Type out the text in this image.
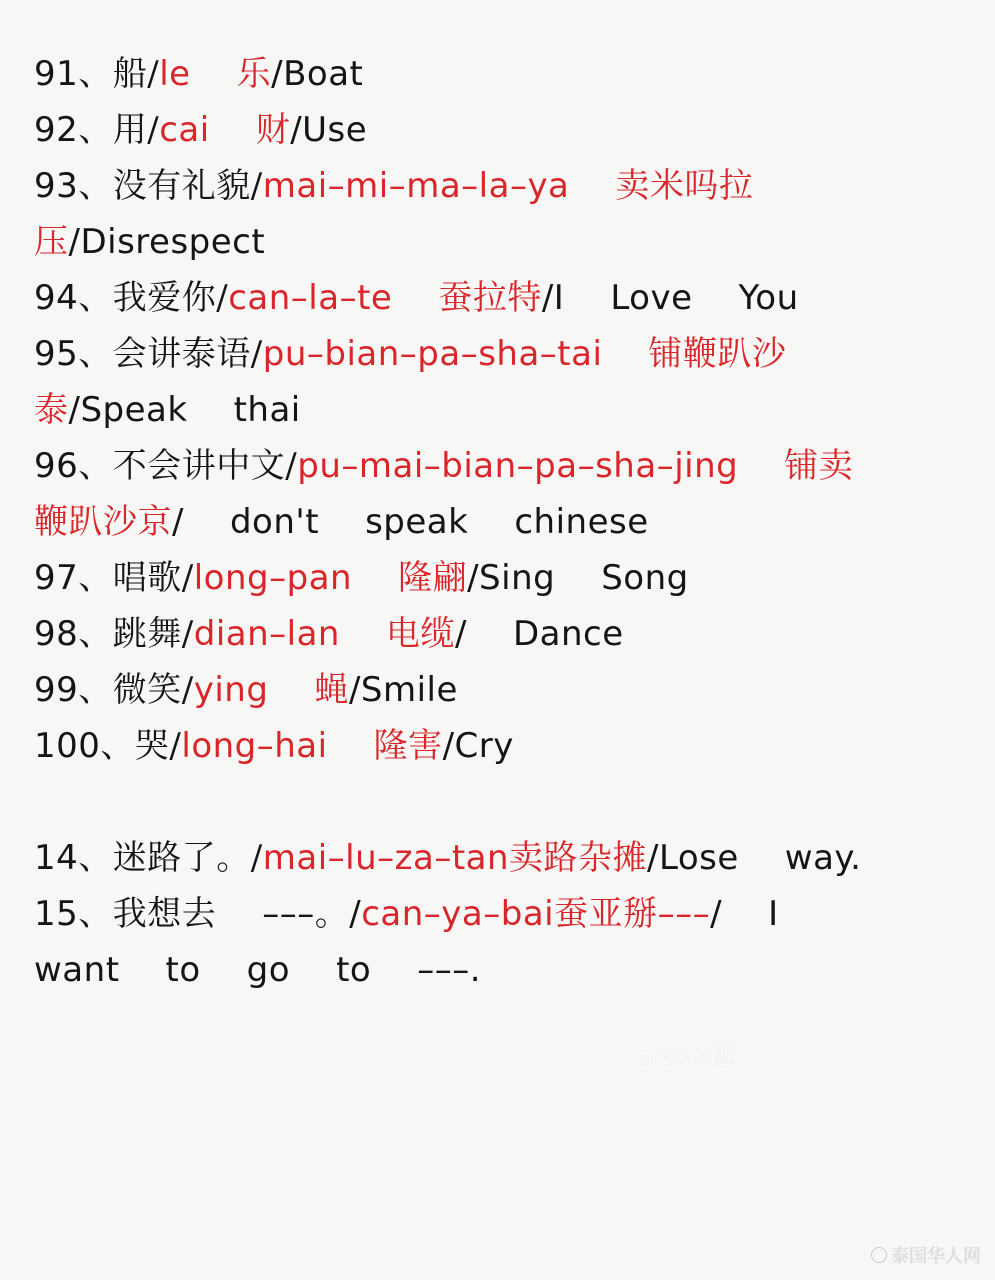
91、船/le 乐/Boat
92、用/cai 财/Use
93、没有礼貌/mai–mi–ma–la–ya 卖米吗拉
压/Disrespect
94、我爱你/can–la–te 蚕拉特/I Love You
95、会讲泰语/pu–bian–pa–sha–tai 铺鞭趴沙
泰/Speak thai
96、不会讲中文/pu–mai–bian–pa–sha–jing 铺卖
鞭趴沙京/ don't speak chinese
97、唱歌/long–pan 隆翩/Sing Song
98、跳舞/dian–lan 电缆/ Dance
99、微笑/ying 蝇/Smile
100、哭/long–hai 隆害/Cry
14、迷路了。/mai–lu–za–tan卖路杂摊/Lose way.
15、我想去 –––。/can–ya–bai蚕亚掰–––/ I
want to go to –––.
Crew习题
泰国华人网
